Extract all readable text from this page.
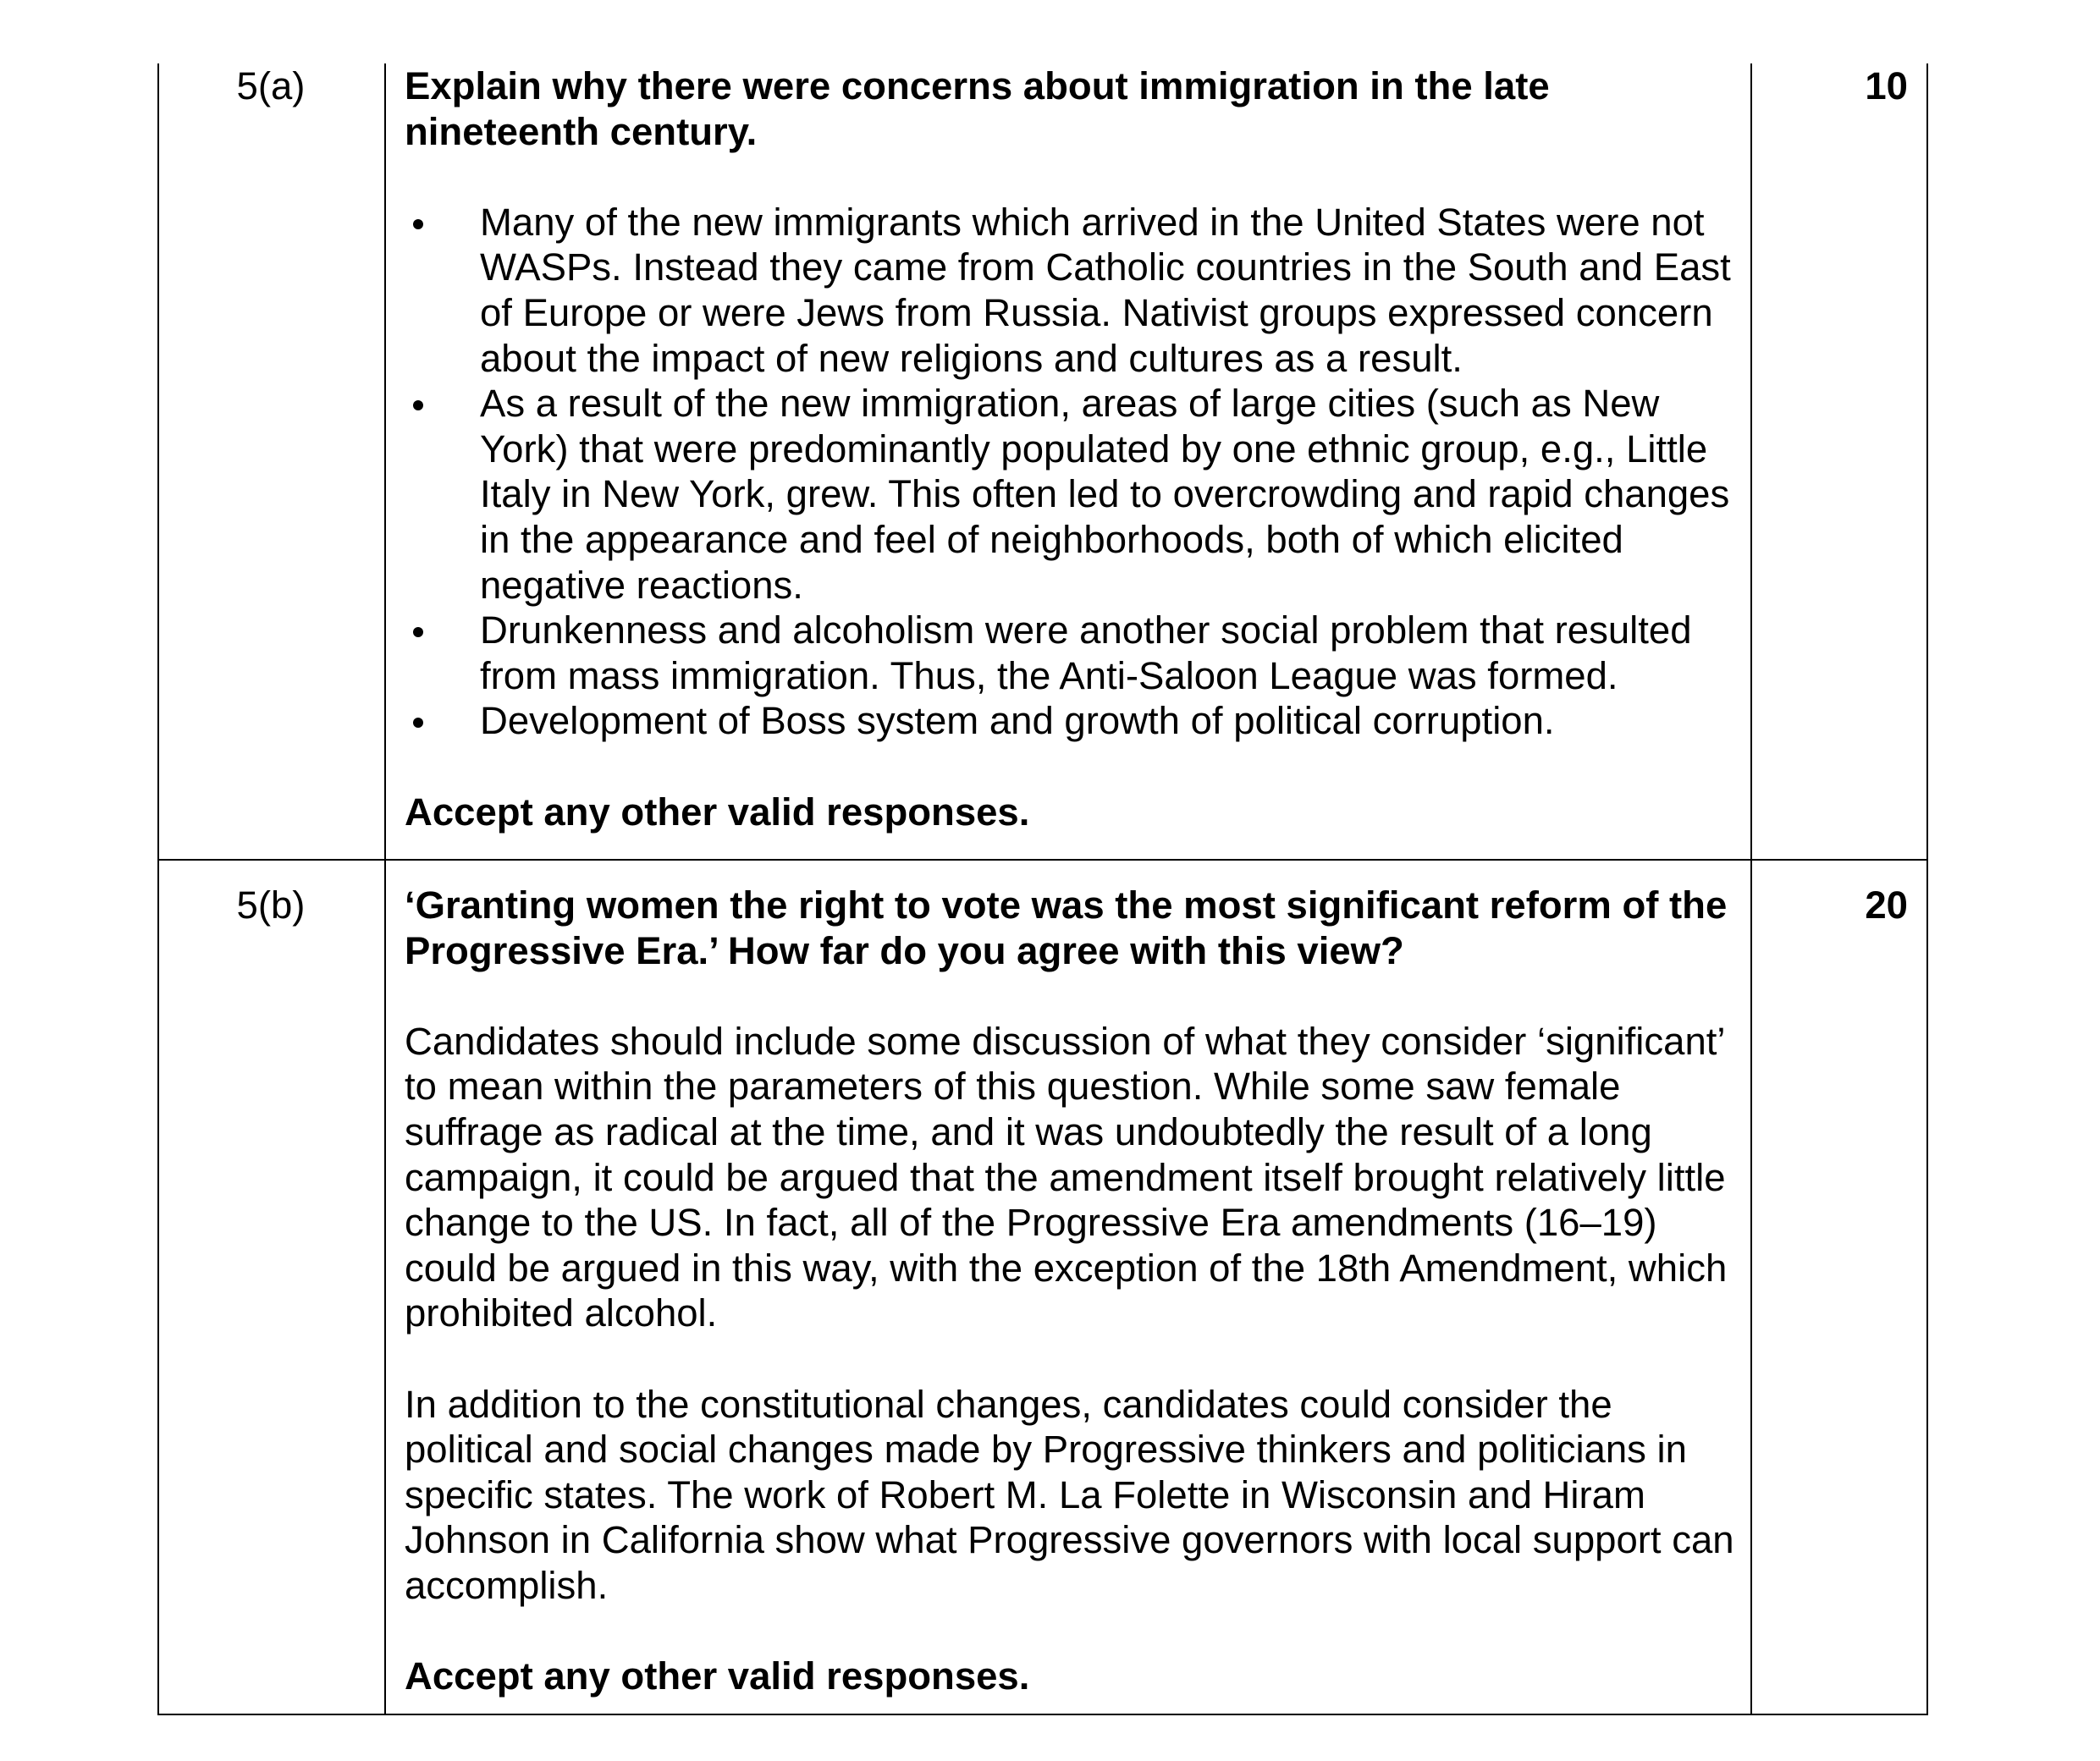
5(a)	10

Explain why there were concerns about immigration in the late nineteenth century.

Many of the new immigrants which arrived in the United States were not WASPs. Instead they came from Catholic countries in the South and East of Europe or were Jews from Russia. Nativist groups expressed concern about the impact of new religions and cultures as a result.
As a result of the new immigration, areas of large cities (such as New York) that were predominantly populated by one ethnic group, e.g., Little Italy in New York, grew. This often led to overcrowding and rapid changes in the appearance and feel of neighborhoods, both of which elicited negative reactions.
Drunkenness and alcoholism were another social problem that resulted from mass immigration. Thus, the Anti-Saloon League was formed.
Development of Boss system and growth of political corruption.

Accept any other valid responses.

5(b)	20

‘Granting women the right to vote was the most significant reform of the Progressive Era.’ How far do you agree with this view?

Candidates should include some discussion of what they consider ‘significant’ to mean within the parameters of this question. While some saw female suffrage as radical at the time, and it was undoubtedly the result of a long campaign, it could be argued that the amendment itself brought relatively little change to the US. In fact, all of the Progressive Era amendments (16–19) could be argued in this way, with the exception of the 18th Amendment, which prohibited alcohol.

In addition to the constitutional changes, candidates could consider the political and social changes made by Progressive thinkers and politicians in specific states. The work of Robert M. La Folette in Wisconsin and Hiram Johnson in California show what Progressive governors with local support can accomplish.

Accept any other valid responses.
